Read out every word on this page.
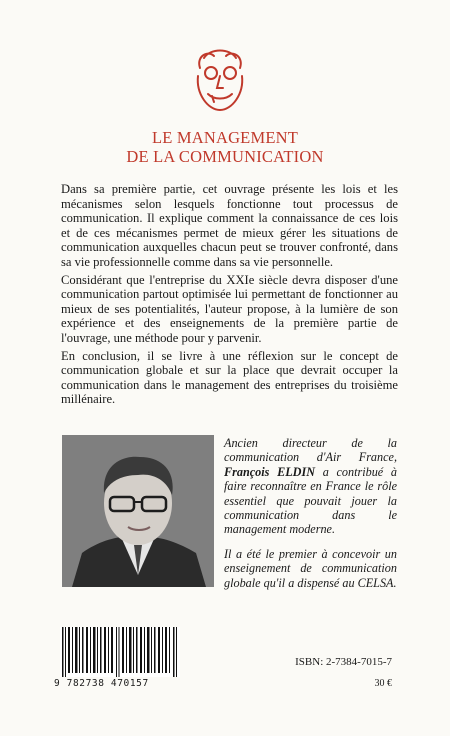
LE MANAGEMENT
DE LA COMMUNICATION

Dans sa première partie, cet ouvrage présente les lois et les mécanismes selon lesquels fonctionne tout processus de communication. Il explique comment la connaissance de ces lois et de ces mécanismes permet de mieux gérer les situations de communication auxquelles chacun peut se trouver confronté, dans sa vie professionnelle comme dans sa vie personnelle.

Considérant que l'entreprise du XXIe siècle devra disposer d'une communication partout optimisée lui permettant de fonctionner au mieux de ses potentialités, l'auteur propose, à la lumière de son expérience et des enseignements de la première partie de l'ouvrage, une méthode pour y parvenir.

En conclusion, il se livre à une réflexion sur le concept de communication globale et sur la place que devrait occuper la communication dans le management des entreprises du troisième millénaire.

Ancien directeur de la communication d'Air France, François ELDIN a contribué à faire reconnaître en France le rôle essentiel que pouvait jouer la communication dans le management moderne.

Il a été le premier à concevoir un enseignement de communication globale qu'il a dispensé au CELSA.

9 782738 470157
ISBN: 2-7384-7015-7
30 €
